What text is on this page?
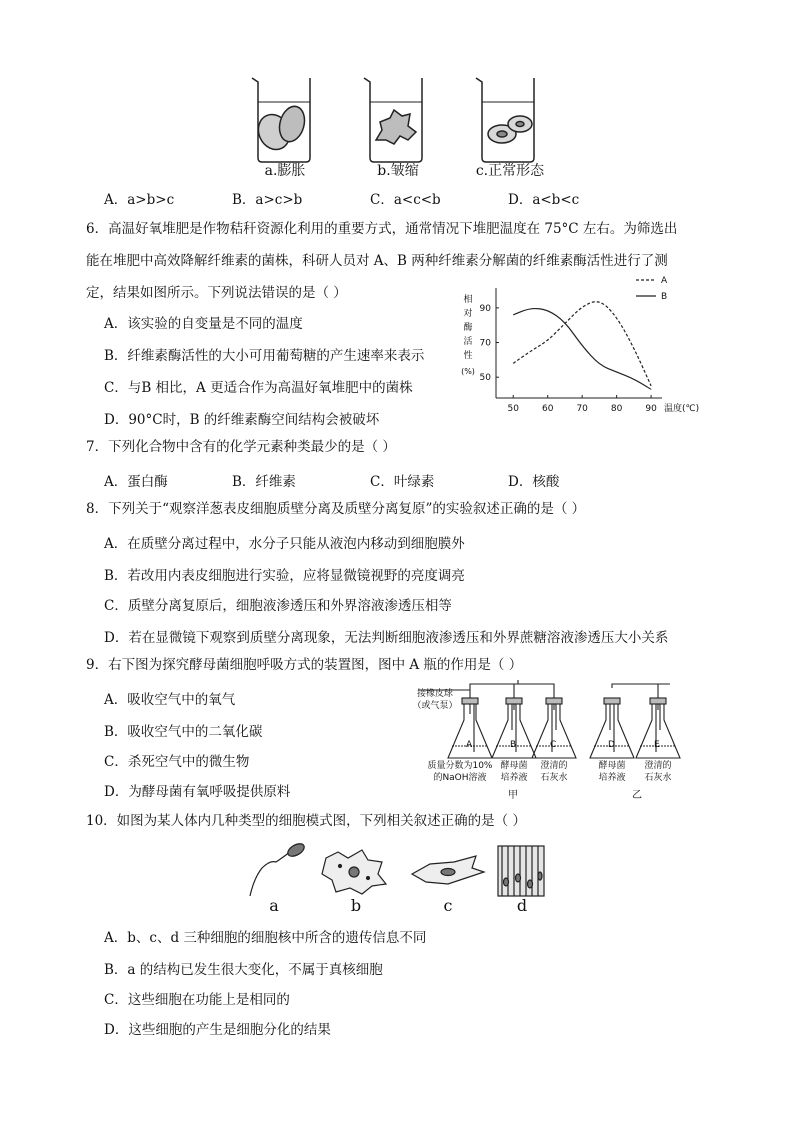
a.膨胀	b.皱缩	c.正常形态
A．a>b>c	B．a>c>b	C．a<c<b	D．a<b<c
6．高温好氧堆肥是作物秸秆资源化利用的重要方式，通常情况下堆肥温度在 75°C 左右。为筛选出
能在堆肥中高效降解纤维素的菌株，科研人员对 A、B 两种纤维素分解菌的纤维素酶活性进行了测
定，结果如图所示。下列说法错误的是（ ）
A．该实验的自变量是不同的温度
B．纤维素酶活性的大小可用葡萄糖的产生速率来表示
C．与B 相比，A 更适合作为高温好氧堆肥中的菌株
D．90°C时，B 的纤维素酶空间结构会被破坏
50	60	70	80	90 温度(℃)
50
70
90
相
对
酶
活
性
(%)
A
B
7．下列化合物中含有的化学元素种类最少的是（ ）
A．蛋白酶	B．纤维素	C．叶绿素	D．核酸
8．下列关于“观察洋葱表皮细胞质壁分离及质壁分离复原”的实验叙述正确的是（ ）
A．在质壁分离过程中，水分子只能从液泡内移动到细胞膜外
B．若改用内表皮细胞进行实验，应将显微镜视野的亮度调亮
C．质壁分离复原后，细胞液渗透压和外界溶液渗透压相等
D．若在显微镜下观察到质壁分离现象，无法判断细胞液渗透压和外界蔗糖溶液渗透压大小关系
9．右下图为探究酵母菌细胞呼吸方式的装置图，图中 A 瓶的作用是（ ）
A．吸收空气中的氧气
B．吸收空气中的二氧化碳
C．杀死空气中的微生物
D．为酵母菌有氧呼吸提供原料
接橡皮球
（或气泵）
A	B	C	D	E
质量分数为10%
的NaOH溶液
酵母菌
培养液
澄清的
石灰水
酵母菌
培养液
澄清的
石灰水
甲	乙
10．如图为某人体内几种类型的细胞模式图，下列相关叙述正确的是（ ）
a	b	c	d
A．b、c、d 三种细胞的细胞核中所含的遗传信息不同
B．a 的结构已发生很大变化，不属于真核细胞
C．这些细胞在功能上是相同的
D．这些细胞的产生是细胞分化的结果
